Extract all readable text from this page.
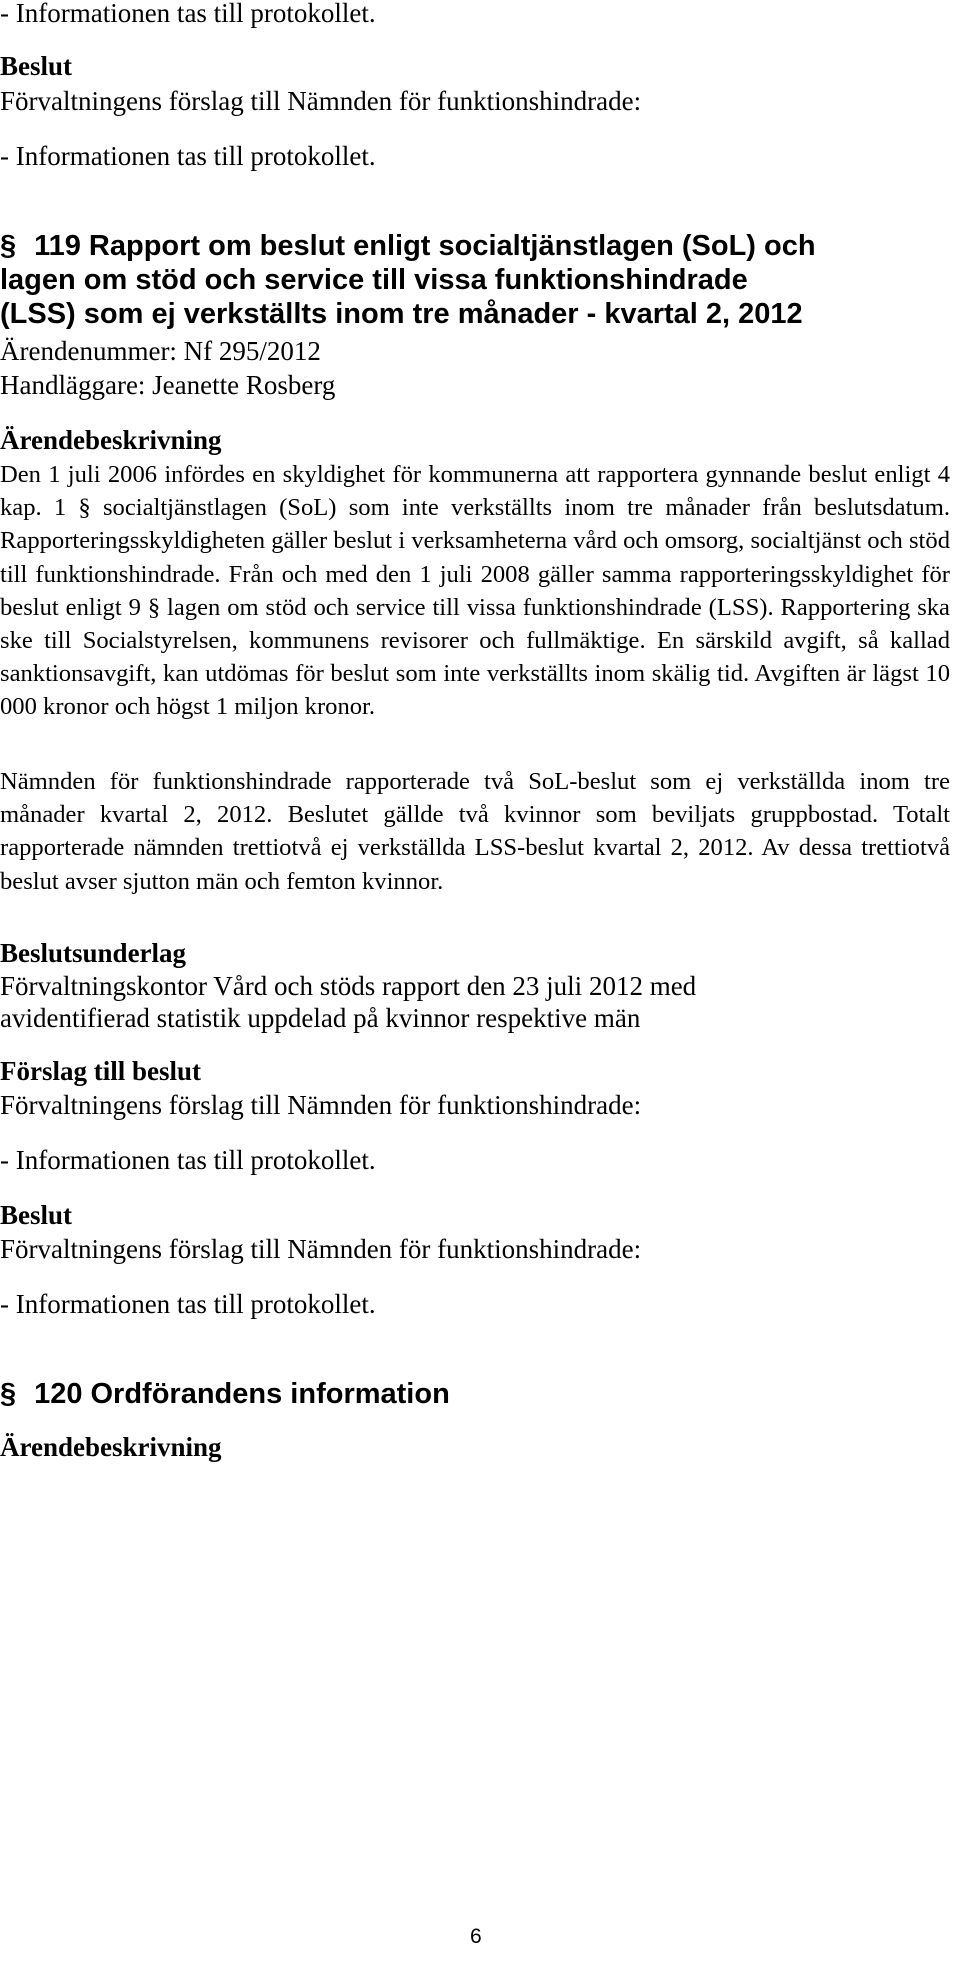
- Informationen tas till protokollet.

Beslut

Förvaltningens förslag till Nämnden för funktionshindrade:

- Informationen tas till protokollet.

§ 119 Rapport om beslut enligt socialtjänstlagen (SoL) och

lagen om stöd och service till vissa funktionshindrade

(LSS) som ej verkställts inom tre månader - kvartal 2, 2012

Ärendenummer: Nf 295/2012

Handläggare: Jeanette Rosberg

Ärendebeskrivning

Den 1 juli 2006 infördes en skyldighet för kommunerna att rapportera gynnande beslut enligt 4 kap. 1 § socialtjänstlagen (SoL) som inte verkställts inom tre månader från beslutsdatum. Rapporteringsskyldigheten gäller beslut i verksamheterna vård och omsorg, socialtjänst och stöd till funktionshindrade. Från och med den 1 juli 2008 gäller samma rapporteringsskyldighet för beslut enligt 9 § lagen om stöd och service till vissa funktionshindrade (LSS). Rapportering ska ske till Socialstyrelsen, kommunens revisorer och fullmäktige. En särskild avgift, så kallad sanktionsavgift, kan utdömas för beslut som inte verkställts inom skälig tid. Avgiften är lägst 10 000 kronor och högst 1 miljon kronor.

Nämnden för funktionshindrade rapporterade två SoL-beslut som ej verkställda inom tre månader kvartal 2, 2012. Beslutet gällde två kvinnor som beviljats gruppbostad. Totalt rapporterade nämnden trettiotvå ej verkställda LSS-beslut kvartal 2, 2012. Av dessa trettiotvå beslut avser sjutton män och femton kvinnor.

Beslutsunderlag

Förvaltningskontor Vård och stöds rapport den 23 juli 2012 med

avidentifierad statistik uppdelad på kvinnor respektive män

Förslag till beslut

Förvaltningens förslag till Nämnden för funktionshindrade:

- Informationen tas till protokollet.

Beslut

Förvaltningens förslag till Nämnden för funktionshindrade:

- Informationen tas till protokollet.

§ 120 Ordförandens information

Ärendebeskrivning

6
